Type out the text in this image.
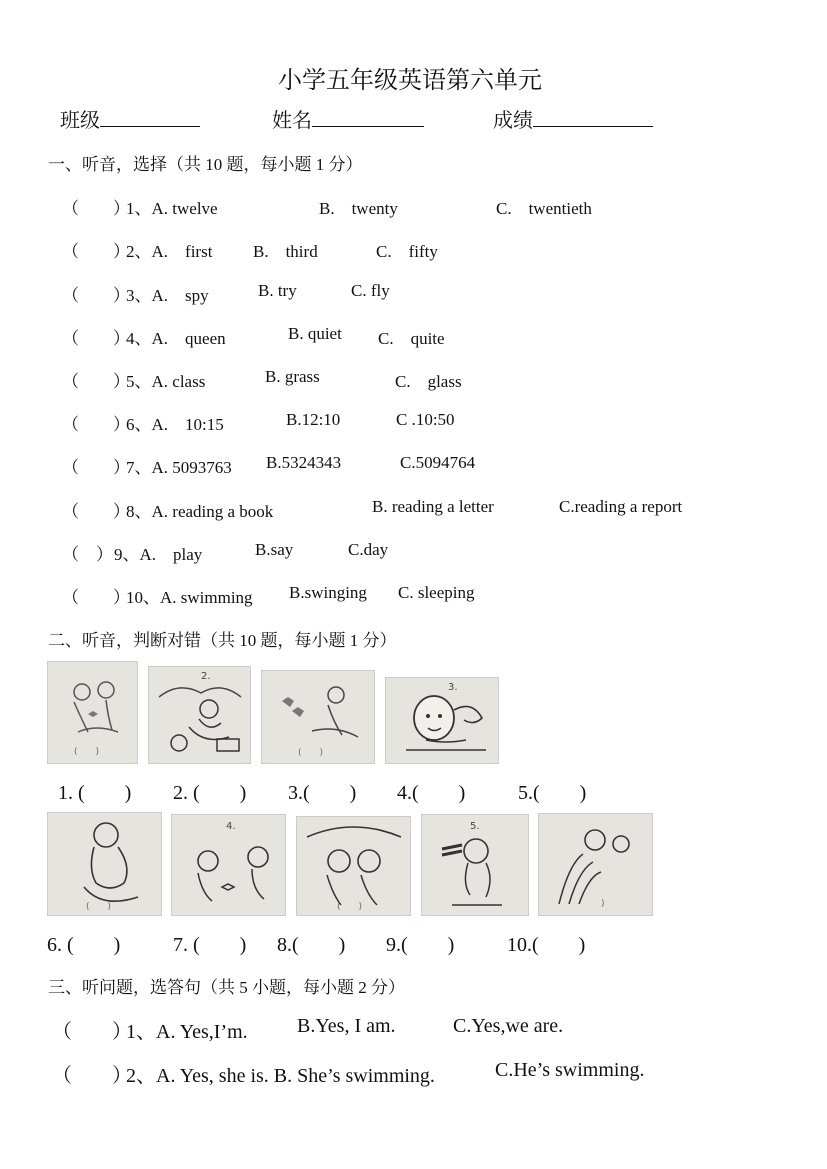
小学五年级英语第六单元
班级	姓名	成绩
一、听音，选择（共 10 题，每小题 1 分）
（　　）
1、A. twelve	B.　twenty	C.　twentieth
（　　）
2、A.　first B.　third	C.　fifty
（　　）
3、A.　spy	B. try	C. fly
（　　）
4、A.　queen	B. quiet C.　quite
（　　）
5、A. class	B. grass	C.　glass
（　　）
6、A.　10:15	B.12:10	C .10:50
（　　）
7、A. 5093763 B.5324343	C.5094764
（　　）
8、A. reading a book	B. reading a letter	C.reading a report
（　） 9、A.　play	B.say	C.day
（　　）
10、A. swimming B.swinging C. sleeping
二、听音，判断对错（共 10 题，每小题 1 分）
(　　)
2.
(　　)
3.
1. (　　) 2. (　　) 3.(　　) 4.(　　)	5.(　　)
(　　)
4.
(　　)
5.
)
6. (　　)	7. (　　) 8.(　　) 9.(　　)	10.(　　)
三、听问题，选答句（共 5 小题，每小题 2 分）
（　　）
1、A. Yes,I’m. B.Yes, I am.	C.Yes,we are.
（　　）
2、A. Yes, she is. B. She’s swimming.	C.He’s swimming.
